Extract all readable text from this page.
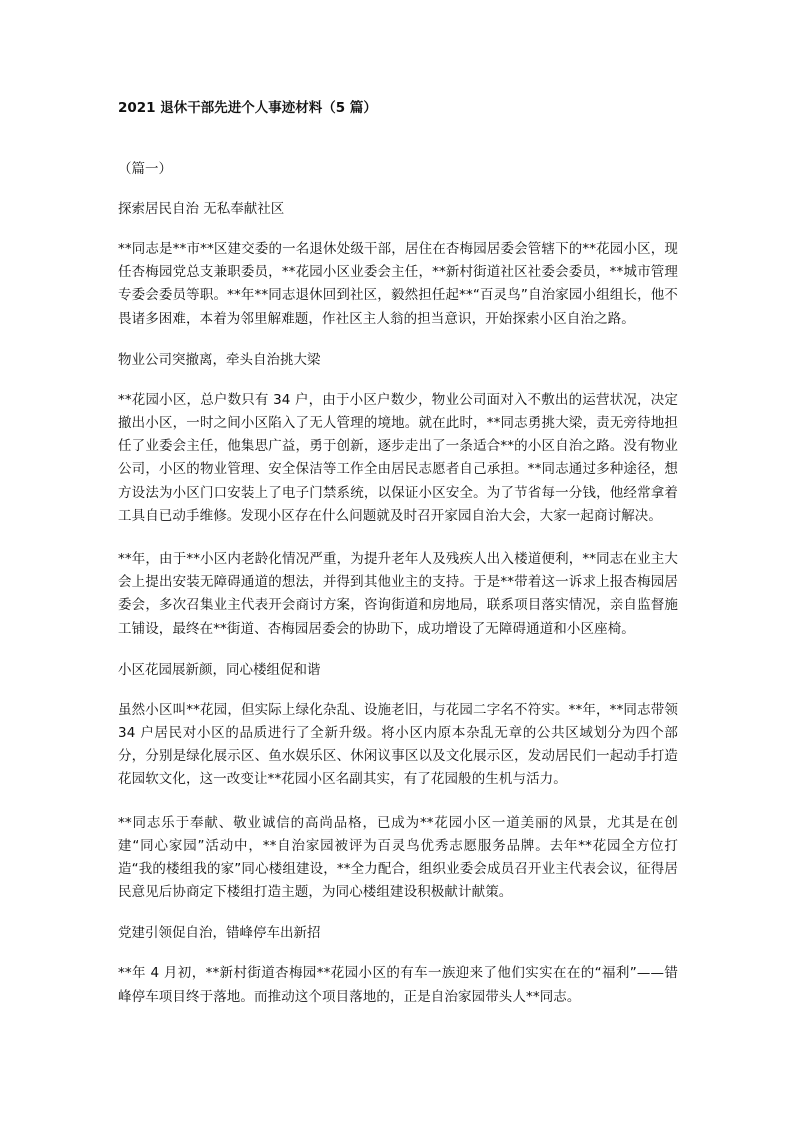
2021 退休干部先进个人事迹材料（5 篇）

（篇一）

探索居民自治 无私奉献社区

**同志是**市**区建交委的一名退休处级干部，居住在杏梅园居委会管辖下的**花园小区，现任杏梅园党总支兼职委员，**花园小区业委会主任，**新村街道社区社委会委员，**城市管理专委会委员等职。**年**同志退休回到社区，毅然担任起**“百灵鸟”自治家园小组组长，他不畏诸多困难，本着为邻里解难题，作社区主人翁的担当意识，开始探索小区自治之路。

物业公司突撤离，牵头自治挑大梁

**花园小区，总户数只有 34 户，由于小区户数少，物业公司面对入不敷出的运营状况，决定撤出小区，一时之间小区陷入了无人管理的境地。就在此时，**同志勇挑大梁，责无旁待地担任了业委会主任，他集思广益，勇于创新，逐步走出了一条适合**的小区自治之路。没有物业公司，小区的物业管理、安全保洁等工作全由居民志愿者自己承担。**同志通过多种途径，想方设法为小区门口安装上了电子门禁系统，以保证小区安全。为了节省每一分钱，他经常拿着工具自已动手维修。发现小区存在什么问题就及时召开家园自治大会，大家一起商讨解决。

**年，由于**小区内老龄化情况严重，为提升老年人及残疾人出入楼道便利，**同志在业主大会上提出安装无障碍通道的想法，并得到其他业主的支持。于是**带着这一诉求上报杏梅园居委会，多次召集业主代表开会商讨方案，咨询街道和房地局，联系项目落实情况，亲自监督施工铺设，最终在**街道、杏梅园居委会的协助下，成功增设了无障碍通道和小区座椅。

小区花园展新颜，同心楼组促和谐

虽然小区叫**花园，但实际上绿化杂乱、设施老旧，与花园二字名不符实。**年，**同志带领 34 户居民对小区的品质进行了全新升级。将小区内原本杂乱无章的公共区域划分为四个部分，分别是绿化展示区、鱼水娱乐区、休闲议事区以及文化展示区，发动居民们一起动手打造花园软文化，这一改变让**花园小区名副其实，有了花园般的生机与活力。

**同志乐于奉献、敬业诚信的高尚品格，已成为**花园小区一道美丽的风景，尤其是在创建“同心家园”活动中，**自治家园被评为百灵鸟优秀志愿服务品牌。去年**花园全方位打造“我的楼组我的家”同心楼组建设，**全力配合，组织业委会成员召开业主代表会议，征得居民意见后协商定下楼组打造主题，为同心楼组建设积极献计献策。

党建引领促自治，错峰停车出新招

**年 4 月初，**新村街道杏梅园**花园小区的有车一族迎来了他们实实在在的“福利”——错峰停车项目终于落地。而推动这个项目落地的，正是自治家园带头人**同志。
